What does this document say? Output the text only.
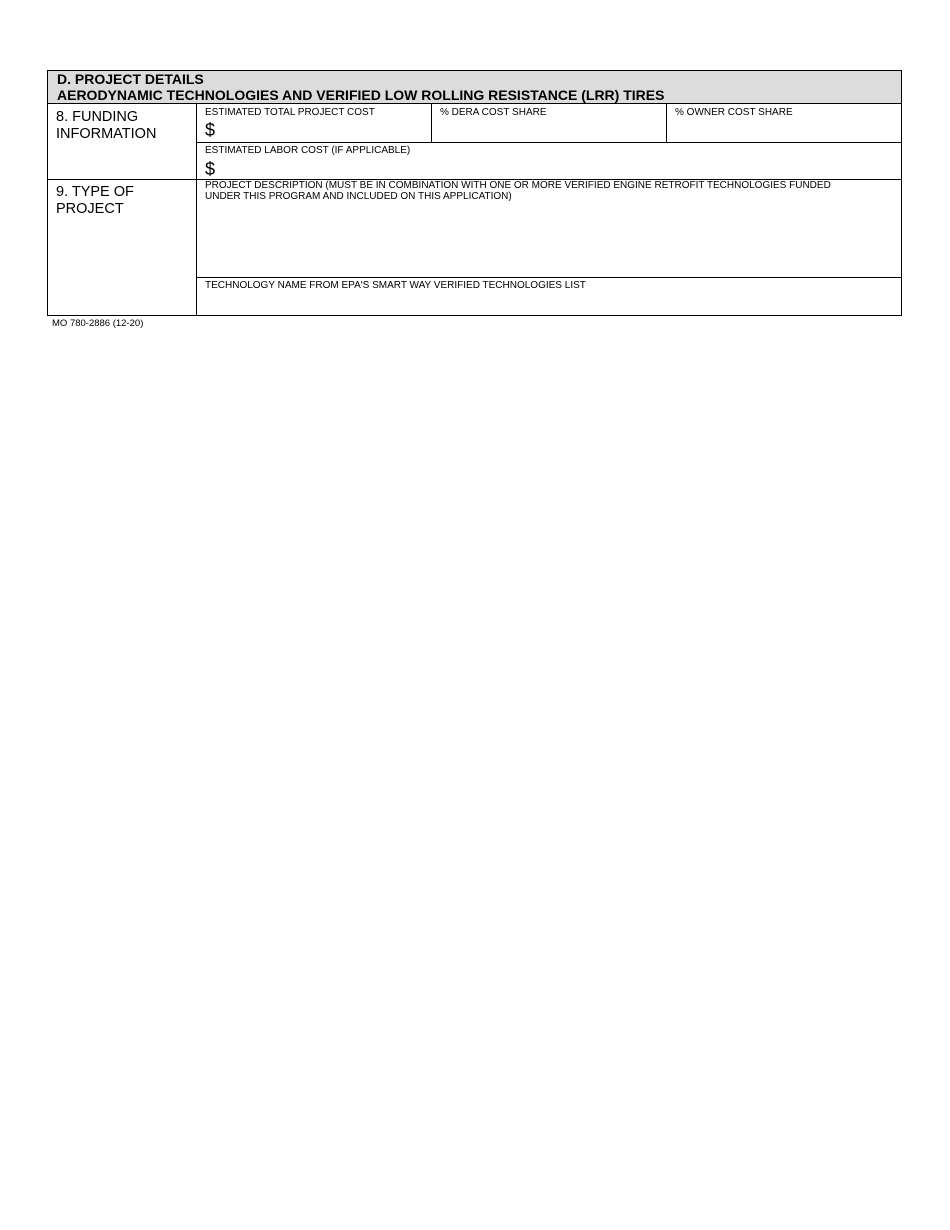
D. PROJECT DETAILS
AERODYNAMIC TECHNOLOGIES AND VERIFIED LOW ROLLING RESISTANCE (LRR) TIRES
8. FUNDING
INFORMATION
ESTIMATED TOTAL PROJECT COST
$
% DERA COST SHARE	% OWNER COST SHARE
ESTIMATED LABOR COST (IF APPLICABLE)
$
9. TYPE OF
PROJECT
PROJECT DESCRIPTION (MUST BE IN COMBINATION WITH ONE OR MORE VERIFIED ENGINE RETROFIT TECHNOLOGIES FUNDED UNDER THIS PROGRAM AND INCLUDED ON THIS APPLICATION)
TECHNOLOGY NAME FROM EPA'S SMART WAY VERIFIED TECHNOLOGIES LIST
MO 780-2886 (12-20)
